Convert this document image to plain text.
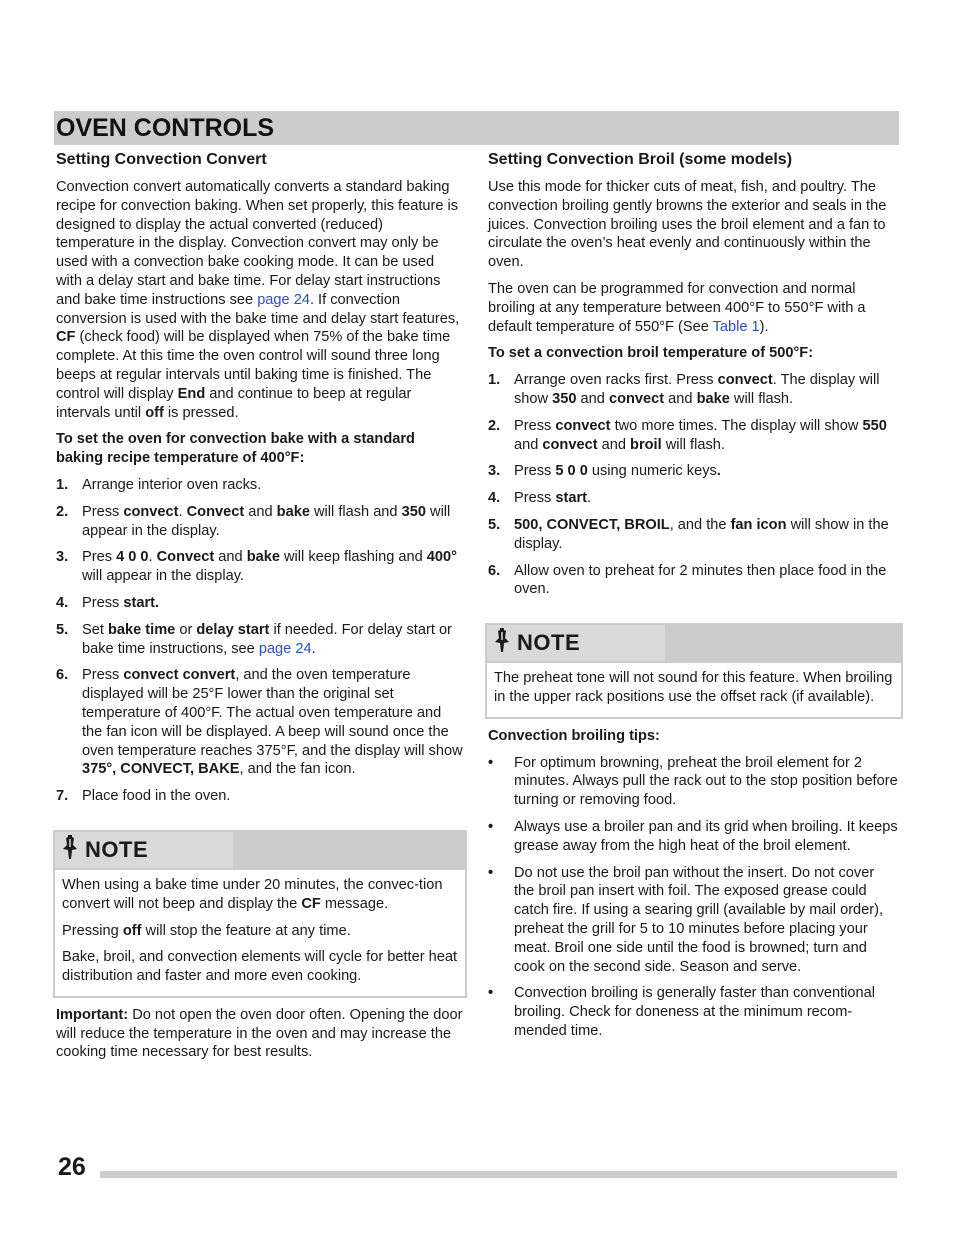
OVEN CONTROLS
Setting Convection Convert

Convection convert automatically converts a standard baking recipe for convection baking. When set properly, this feature is designed to display the actual converted (reduced) temperature in the display. Convection convert may only be used with a convection bake cooking mode. It can be used with a delay start and bake time. For delay start instructions and bake time instructions see page 24. If convection conversion is used with the bake time and delay start features, CF (check food) will be displayed when 75% of the bake time complete. At this time the oven control will sound three long beeps at regular intervals until baking time is finished. The control will display End and continue to beep at regular intervals until off is pressed.

To set the oven for convection bake with a standard baking recipe temperature of 400°F:

1. Arrange interior oven racks.
2. Press convect. Convect and bake will flash and 350 will appear in the display.
3. Pres 4 0 0. Convect and bake will keep flashing and 400° will appear in the display.
4. Press start.
5. Set bake time or delay start if needed. For delay start or bake time instructions, see page 24.
6. Press convect convert, and the oven temperature displayed will be 25°F lower than the original set temperature of 400°F. The actual oven temperature and the fan icon will be displayed. A beep will sound once the oven temperature reaches 375°F, and the display will show 375°, CONVECT, BAKE, and the fan icon.
7. Place food in the oven.
NOTE

When using a bake time under 20 minutes, the convec-tion convert will not beep and display the CF message.

Pressing off will stop the feature at any time.

Bake, broil, and convection elements will cycle for better heat distribution and faster and more even cooking.

Important: Do not open the oven door often. Opening the door will reduce the temperature in the oven and may increase the cooking time necessary for best results.

Setting Convection Broil (some models)

Use this mode for thicker cuts of meat, fish, and poultry. The convection broiling gently browns the exterior and seals in the juices. Convection broiling uses the broil element and a fan to circulate the oven’s heat evenly and continuously within the oven.

The oven can be programmed for convection and normal broiling at any temperature between 400°F to 550°F with a default temperature of 550°F (See Table 1).

To set a convection broil temperature of 500°F:

1. Arrange oven racks first. Press convect. The display will show 350 and convect and bake will flash.
2. Press convect two more times. The display will show 550 and convect and broil will flash.
3. Press 5 0 0 using numeric keys.
4. Press start.
5. 500, CONVECT, BROIL, and the fan icon will show in the display.
6. Allow oven to preheat for 2 minutes then place food in the oven.
NOTE

The preheat tone will not sound for this feature. When broiling in the upper rack positions use the offset rack (if available).

Convection broiling tips:

• For optimum browning, preheat the broil element for 2 minutes. Always pull the rack out to the stop position before turning or removing food.
• Always use a broiler pan and its grid when broiling. It keeps grease away from the high heat of the broil element.
• Do not use the broil pan without the insert. Do not cover the broil pan insert with foil. The exposed grease could catch fire. If using a searing grill (available by mail order), preheat the grill for 5 to 10 minutes before placing your meat. Broil one side until the food is browned; turn and cook on the second side. Season and serve.
• Convection broiling is generally faster than conventional broiling. Check for doneness at the minimum recom-mended time.
26
